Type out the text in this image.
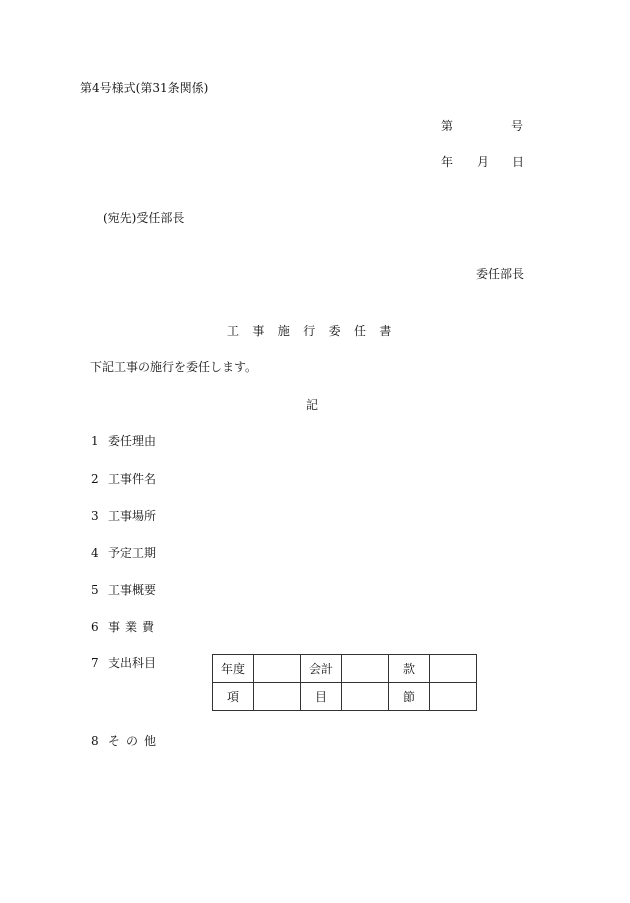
第4号様式(第31条関係)
第	号
年 月 日
(宛先)受任部長
委任部長
工事施行委任書
下記工事の施行を委任します。
記
1 委任理由
2 工事件名
3 工事場所
4 予定工期
5 工事概要
6 事業費
7 支出科目
8 その他
年度		会計		款	
項		目		節	
